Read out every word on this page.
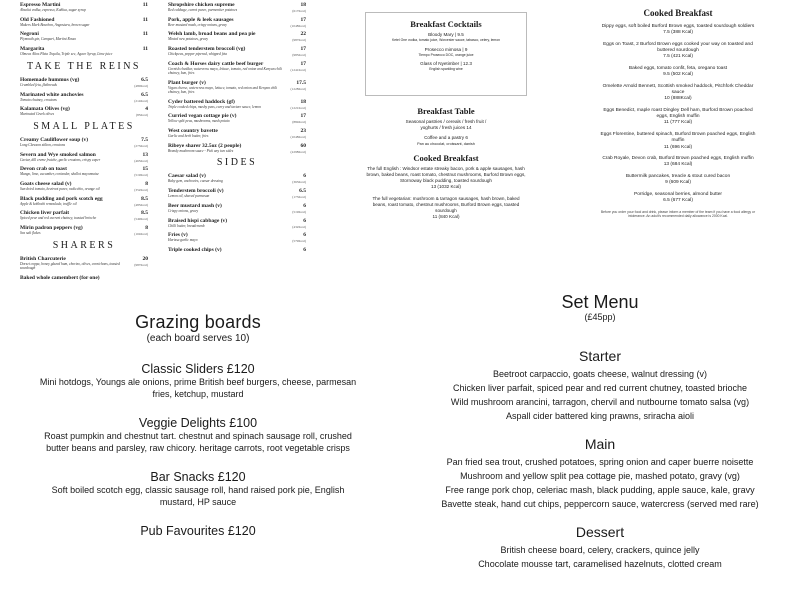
Espresso Martini
Absolut vodka, espresso, Kahlua, sugar syrup
11
Old Fashioned
Makers Mark Bourbon, Angostura, brown sugar
11
Negroni
Plymouth gin, Campari, Martini Rosso
11
Margarita
Olmeca Altos Plata Tequila, Triple sec, Agave Syrup, Lime juice
11
TAKE THE REINS
Homemade hummus (vg)
Crumbled feta, flatbreads
6.5
(480Kcal)
Marinated white anchovies
Tomato chutney, croutons
6.5
(214Kcal)
Kalamata Olives (vg)
Marinated Greek olives
4
(85Kcal)
SMALL PLATES
Creamy Cauliflower soup (v)
Long Clawson stilton, croutons
7.5
(273Kcal)
Severn and Wye smoked salmon
Caviar, dill creme fraiche, garlic croutons, crispy caper
13
(465Kcal)
Devon crab on toast
Mango, lime, cucumber, coriander, shallot mayonnaise
15
(519Kcal)
Goats cheese salad (v)
Sun dried tomato, beetroot puree, radicchio, orange oil
8
(352Kcal)
Black pudding and pork scotch egg
Apple & kohlrabi remoulade, truffle oil
8.5
(485Kcal)
Chicken liver parfait
Spiced pear and red current chutney, toasted brioche
8.5
(549Kcal)
Mirin padron peppers (vg)
Sea salt flakes
8
(104Kcal)
SHARERS
British Charcuterie
Dorset coppa, honey glazed ham, chorizo, olives, cornichons, toasted sourdough
20
(987Kcal)
Baked whole camembert (for one)
Shropshire chicken supreme
Red cabbage, carrot puree, parmentier potatoes
18
(617Kcal)
Pork, apple & leek sausages
Beer mustard mash, crispy onions, gravy
17
(1048Kcal)
Welsh lamb, broad beans and pea pie
Minted new potatoes, gravy
22
(987Kcal)
Roasted tenderstem broccoli (vg)
Chickpeas, pepper piperad, whipped feta
17
(985Kcal)
Coach & Horses dairy cattle beef burger
Cornish cheddar, watercress mayo, lettuce, tomato, red onion and Kenyan chili chutney, bun, fries
17
(1241Kcal)
Plant burger (v)
Vegan cheese, watercress mayo, lettuce, tomato, red onion and Kenyan chili chutney, bun, fries
17.5
(1228Kcal)
Cyder battered haddock (gf)
Triple cooked chips, mushy peas, curry and tartare sauce, lemon
18
(1221Kcal)
Curried vegan cottage pie (v)
Yellow split peas, mushrooms, mash potato
17
(884Kcal)
West country bavette
Garlic and herb butter, fries
23
(1048Kcal)
Ribeye sharer 32.5oz (2 people)
Brandy mushroom sauce - Pick any two sides
60
(2298Kcal)
SIDES
Caesar salad (v)
Baby gem, anchovies, caesar dressing
6
(363Kcal)
Tenderstem broccoli (v)
Lemon oil, shaved parmesan
6.5
(173Kcal)
Beer mustard mash (v)
Crispy onions, gravy
6
(519Kcal)
Braised hispi cabbage (v)
Chilli butter, breadcrumb
6
(432Kcal)
Fries (v)
Harissa garlic mayo
6
(579Kcal)
Triple cooked chips (v)	6
Breakfast Cocktails
Bloody Mary | 9.5
Ketel One vodka, tomato juice, Worcester sauce, tabasco, celery, lemon
Prosecco mimosa | 9
Tiempo Prosecco DOC, orange juice
Glass of Nyetimber | 12.3
English sparkling wine
Breakfast Table
Seasonal pastries / cereals / fresh fruit /
yoghurts / fresh juices 14
Coffee and a pastry 6
Pan au chocolat, croissant, danish
Cooked Breakfast
The full English : Windsor estate streaky bacon, pork & apple sausages, hash brown, baked beans, roast tomato, chestnut mushrooms, Burford Brown eggs, Stornoway black pudding, toasted sourdough
13 (1032 Kcal)
The full vegetarian: mushroom & tarragon sausages, hash brown, baked beans, roast tomato, chestnut mushrooms, Burford Brown eggs, toasted sourdough
11 (840 Kcal)
Cooked Breakfast
Dippy eggs, soft boiled Burford Brown eggs, toasted sourdough soldiers
7.5 (388 Kcal)
Eggs on Toast, 2 Burford Brown eggs cooked your way on toasted and buttered sourdough
7.5 (421 Kcal)
Baked eggs, tomato confit, feta, oregano toast
9.5 (502 Kcal)
Omelette Arnold Bennett, Scottish smoked haddock, Pitchfork Cheddar sauce
10 (888Kcal)
Eggs Benedict, maple roast Dingley Dell ham, Burford Brown poached eggs, English muffin
11 (777 Kcal)
Eggs Florentine, buttered spinach, Burford Brown poached eggs, English muffin
11 (696 Kcal)
Crab Royale, Devon crab, Burford Brown poached eggs, English muffin
13 (684 Kcal)
Buttermilk pancakes, treacle & stout cured bacon
9 (609 Kcal)
Porridge, seasonal berries, almond butter
6.5 (677 Kcal)
Before you order your food and drink, please inform a member of the team if you have a food allergy or intolerance. An adult's recommended daily allowance is 2000 Kcal.
Grazing boards
(each board serves 10)
Classic Sliders £120
Mini hotdogs, Youngs ale onions, prime British beef burgers, cheese, parmesan fries, ketchup, mustard
Veggie Delights £100
Roast pumpkin and chestnut tart. chestnut and spinach sausage roll, crushed butter beans and parsley, raw chicory. heritage carrots, root vegetable crisps
Bar Snacks £120
Soft boiled scotch egg, classic sausage roll, hand raised pork pie, English mustard, HP sauce
Pub Favourites £120
Set Menu
(£45pp)
Starter
Beetroot carpaccio, goats cheese, walnut dressing (v)
Chicken liver parfait, spiced pear and red current chutney, toasted brioche
Wild mushroom arancini, tarragon, chervil and nutbourne tomato salsa (vg)
Aspall cider battered king prawns, sriracha aioli
Main
Pan fried sea trout, crushed potatoes, spring onion and caper buerre noisette
Mushroom and yellow split pea cottage pie, mashed potato, gravy (vg)
Free range pork chop, celeriac mash, black pudding, apple sauce, kale, gravy
Bavette steak, hand cut chips, peppercorn sauce, watercress (served med rare)
Dessert
British cheese board, celery, crackers, quince jelly
Chocolate mousse tart, caramelised hazelnuts, clotted cream
